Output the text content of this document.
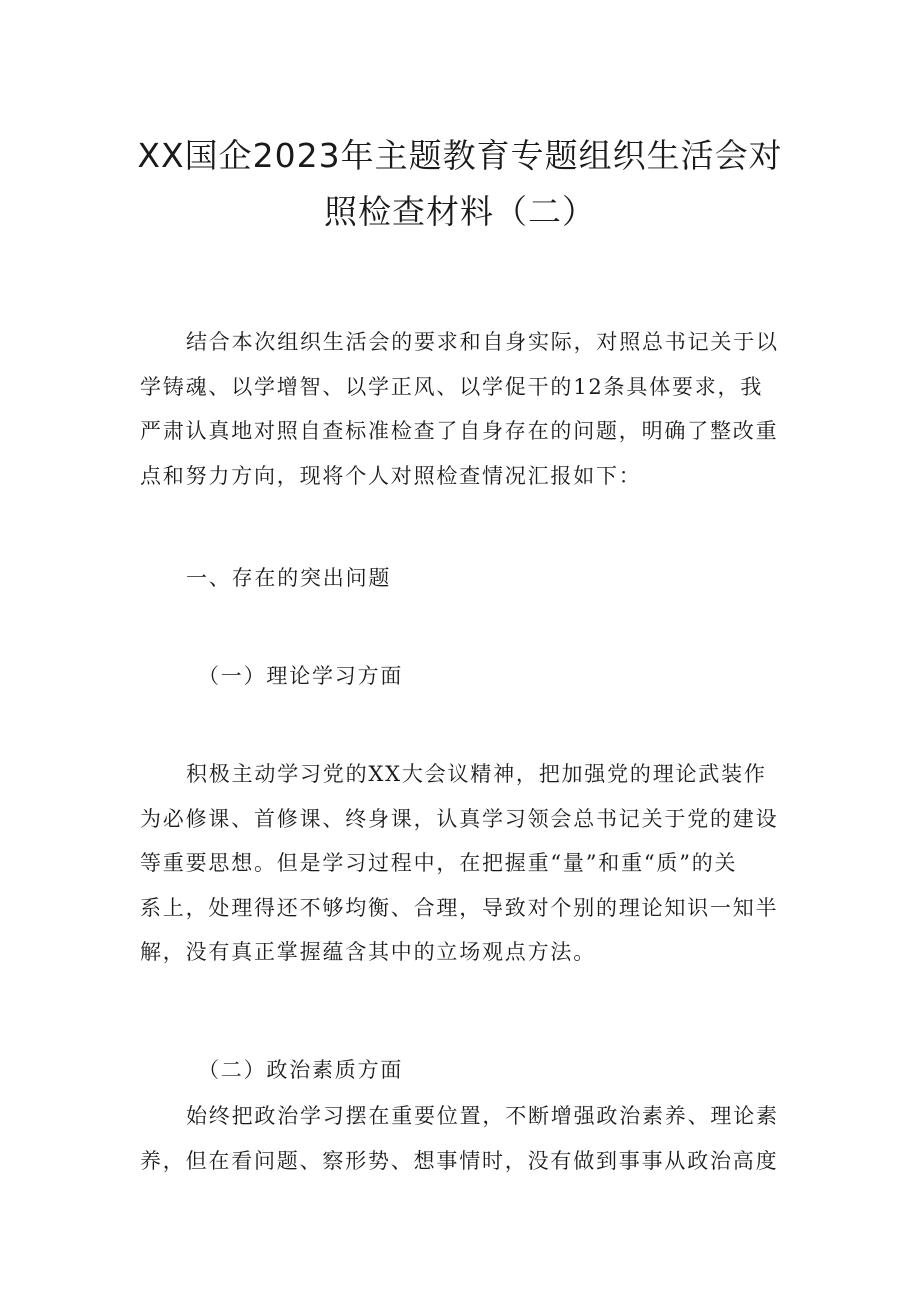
XX国企2023年主题教育专题组织生活会对
照检查材料（二）
结合本次组织生活会的要求和自身实际，对照总书记关于以
学铸魂、以学增智、以学正风、以学促干的12条具体要求，我
严肃认真地对照自查标准检查了自身存在的问题，明确了整改重
点和努力方向，现将个人对照检查情况汇报如下：
一、存在的突出问题
（一）理论学习方面
积极主动学习党的XX大会议精神，把加强党的理论武装作
为必修课、首修课、终身课，认真学习领会总书记关于党的建设
等重要思想。但是学习过程中，在把握重“量”和重“质”的关
系上，处理得还不够均衡、合理，导致对个别的理论知识一知半
解，没有真正掌握蕴含其中的立场观点方法。
（二）政治素质方面
始终把政治学习摆在重要位置，不断增强政治素养、理论素
养，但在看问题、察形势、想事情时，没有做到事事从政治高度
